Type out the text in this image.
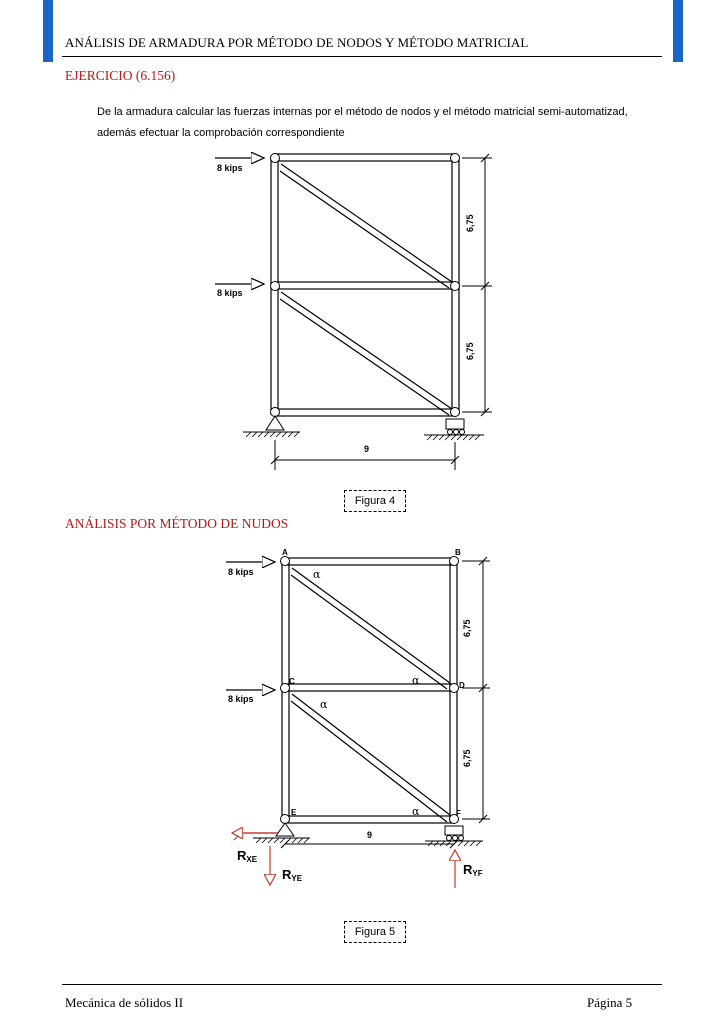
ANÁLISIS DE ARMADURA POR MÉTODO DE NODOS Y MÉTODO MATRICIAL
EJERCICIO (6.156)
De la armadura calcular las fuerzas internas por el método de nodos y el método matricial semi-automatizad, además efectuar la comprobación correspondiente
8 kips
8 kips
6,75
6,75
9
Figura 4
ANÁLISIS POR MÉTODO DE NUDOS
A	B
C	D
E	F
α
α
α
α
8 kips
8 kips
6,75
6,75
9
RXE
RYE
RYF
Figura 5
Mecánica de sólidos II	Página 5
